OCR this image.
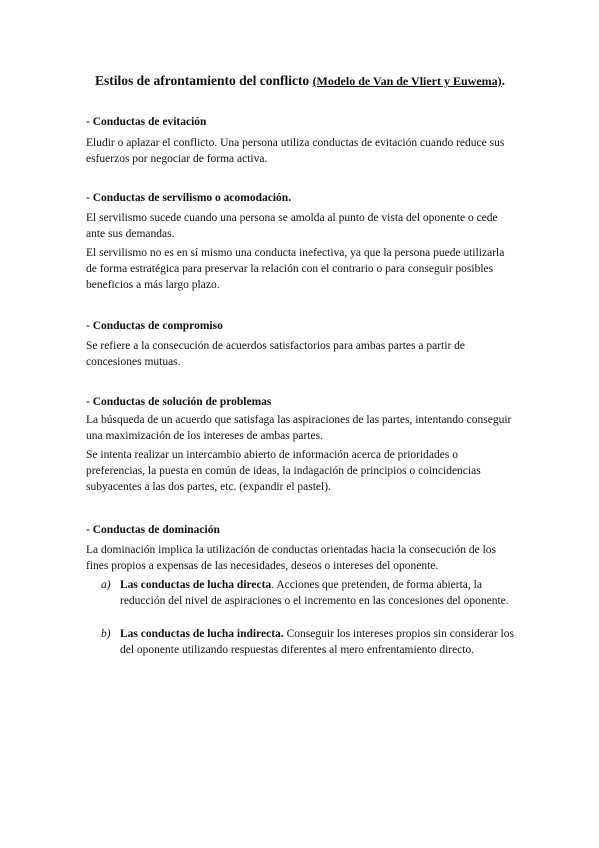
Estilos de afrontamiento del conflicto (Modelo de Van de Vliert y Euwema).
- Conductas de evitación
Eludir o aplazar el conflicto. Una persona utiliza conductas de evitación cuando reduce sus esfuerzos por negociar de forma activa.
- Conductas de servilismo o acomodación.
El servilismo sucede cuando una persona se amolda al punto de vista del oponente o cede ante sus demandas.
El servilismo no es en sí mismo una conducta inefectiva, ya que la persona puede utilizarla de forma estratégica para preservar la relación con el contrario o para conseguir posibles beneficios a más largo plazo.
- Conductas de compromiso
Se refiere a la consecución de acuerdos satisfactorios para ambas partes a partir de concesiones mutuas.
- Conductas de solución de problemas
La búsqueda de un acuerdo que satisfaga las aspiraciones de las partes, intentando conseguir una maximización de los intereses de ambas partes.
Se intenta realizar un intercambio abierto de información acerca de prioridades o preferencias, la puesta en común de ideas, la indagación de principios o coincidencias subyacentes a las dos partes, etc. (expandir el pastel).
- Conductas de dominación
La dominación implica la utilización de conductas orientadas hacia la consecución de los fines propios a expensas de las necesidades, deseos o intereses del oponente.
a) Las conductas de lucha directa. Acciones que pretenden, de forma abierta, la reducción del nivel de aspiraciones o el incremento en las concesiones del oponente.
b) Las conductas de lucha indirecta. Conseguir los intereses propios sin considerar los del oponente utilizando respuestas diferentes al mero enfrentamiento directo.
